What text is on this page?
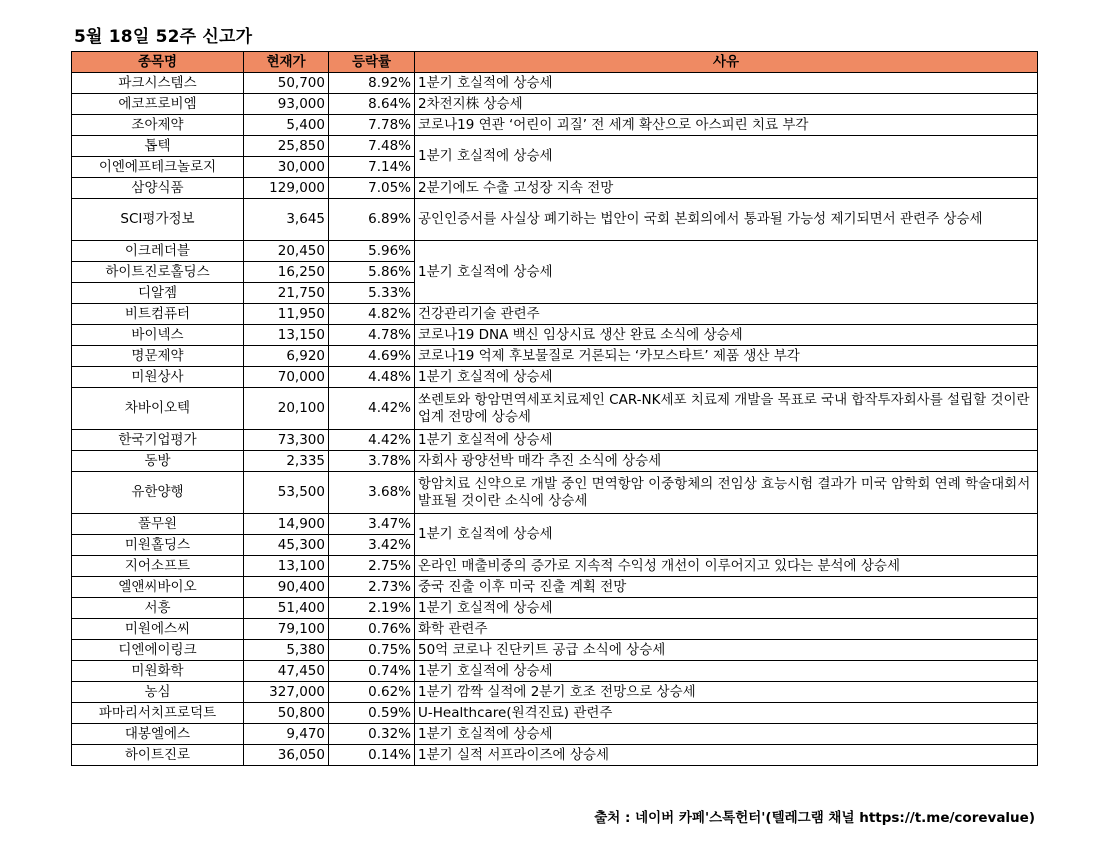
5월 18일 52주 신고가
종목명	현재가	등락률	사유
파크시스템스	50,700	8.92%	1분기 호실적에 상승세
에코프로비엠	93,000	8.64%	2차전지株 상승세
조아제약	5,400	7.78%	코로나19 연관 ‘어린이 괴질’ 전 세계 확산으로 아스피린 치료 부각
톱텍	25,850	7.48%	1분기 호실적에 상승세
이엔에프테크놀로지	30,000	7.14%	
삼양식품	129,000	7.05%	2분기에도 수출 고성장 지속 전망
SCI평가정보	3,645	6.89%	공인인증서를 사실상 폐기하는 법안이 국회 본회의에서 통과될 가능성 제기되면서 관련주 상승세
이크레더블	20,450	5.96%	1분기 호실적에 상승세
하이트진로홀딩스	16,250	5.86%	
디알젬	21,750	5.33%	
비트컴퓨터	11,950	4.82%	건강관리기술 관련주
바이넥스	13,150	4.78%	코로나19 DNA 백신 임상시료 생산 완료 소식에 상승세
명문제약	6,920	4.69%	코로나19 억제 후보물질로 거론되는 ‘카모스타트’ 제품 생산 부각
미원상사	70,000	4.48%	1분기 호실적에 상승세
차바이오텍	20,100	4.42%	쏘렌토와 항암면역세포치료제인 CAR-NK세포 치료제 개발을 목표로 국내 합작투자회사를 설립할 것이란 업계 전망에 상승세
한국기업평가	73,300	4.42%	1분기 호실적에 상승세
동방	2,335	3.78%	자회사 광양선박 매각 추진 소식에 상승세
유한양행	53,500	3.68%	항암치료 신약으로 개발 중인 면역항암 이중항체의 전임상 효능시험 결과가 미국 암학회 연례 학술대회서 발표될 것이란 소식에 상승세
풀무원	14,900	3.47%	1분기 호실적에 상승세
미원홀딩스	45,300	3.42%	
지어소프트	13,100	2.75%	온라인 매출비중의 증가로 지속적 수익성 개선이 이루어지고 있다는 분석에 상승세
엘앤씨바이오	90,400	2.73%	중국 진출 이후 미국 진출 계획 전망
서흥	51,400	2.19%	1분기 호실적에 상승세
미원에스씨	79,100	0.76%	화학 관련주
디엔에이링크	5,380	0.75%	50억 코로나 진단키트 공급 소식에 상승세
미원화학	47,450	0.74%	1분기 호실적에 상승세
농심	327,000	0.62%	1분기 깜짝 실적에 2분기 호조 전망으로 상승세
파마리서치프로덕트	50,800	0.59%	U-Healthcare(원격진료) 관련주
대봉엘에스	9,470	0.32%	1분기 호실적에 상승세
하이트진로	36,050	0.14%	1분기 실적 서프라이즈에 상승세
출처 : 네이버 카페'스톡헌터'(텔레그램 채널 https://t.me/corevalue)
